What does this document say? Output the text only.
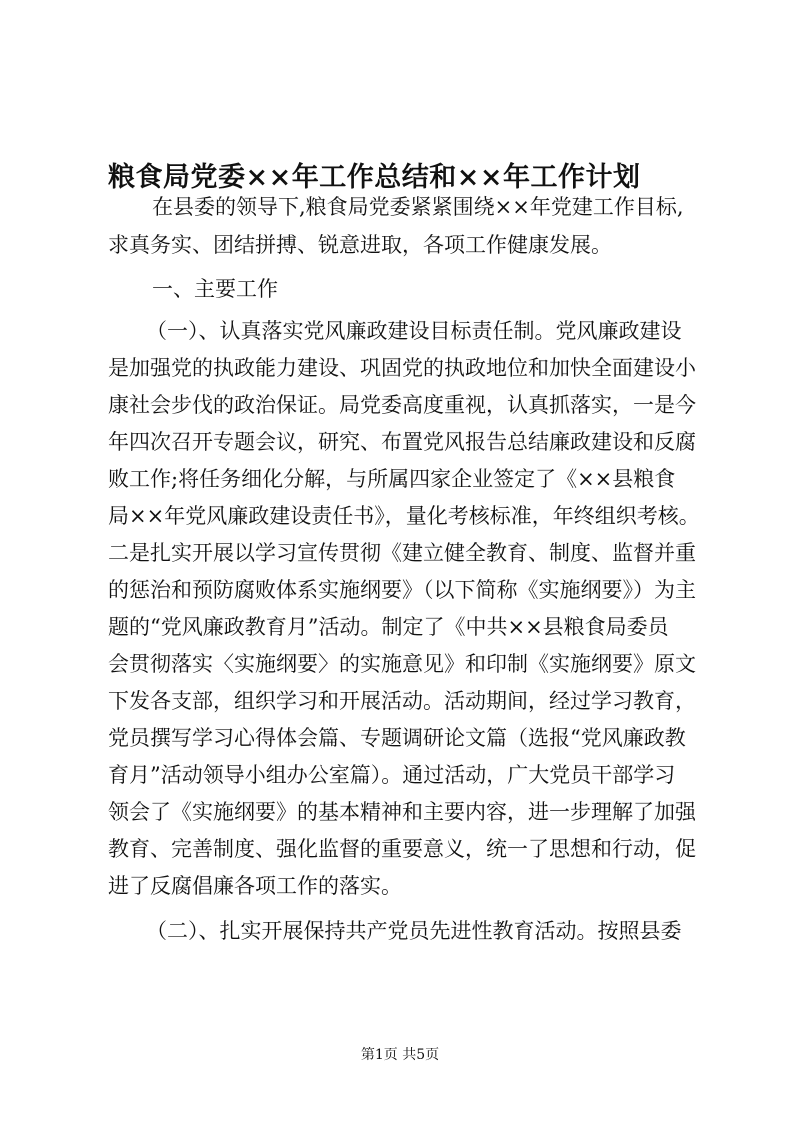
粮食局党委××年工作总结和××年工作计划
在县委的领导下,粮食局党委紧紧围绕××年党建工作目标,
求真务实、团结拼搏、锐意进取，各项工作健康发展。
一、主要工作
（一）、认真落实党风廉政建设目标责任制。党风廉政建设
是加强党的执政能力建设、巩固党的执政地位和加快全面建设小
康社会步伐的政治保证。局党委高度重视，认真抓落实，一是今
年四次召开专题会议，研究、布置党风报告总结廉政建设和反腐
败工作;将任务细化分解，与所属四家企业签定了《××县粮食
局××年党风廉政建设责任书》，量化考核标准，年终组织考核。
二是扎实开展以学习宣传贯彻《建立健全教育、制度、监督并重
的惩治和预防腐败体系实施纲要》（以下简称《实施纲要》）为主
题的“党风廉政教育月”活动。制定了《中共××县粮食局委员
会贯彻落实〈实施纲要〉的实施意见》和印制《实施纲要》原文
下发各支部，组织学习和开展活动。活动期间，经过学习教育，
党员撰写学习心得体会篇、专题调研论文篇（选报“党风廉政教
育月”活动领导小组办公室篇）。通过活动，广大党员干部学习
领会了《实施纲要》的基本精神和主要内容，进一步理解了加强
教育、完善制度、强化监督的重要意义，统一了思想和行动，促
进了反腐倡廉各项工作的落实。
（二）、扎实开展保持共产党员先进性教育活动。按照县委
第1页 共5页
